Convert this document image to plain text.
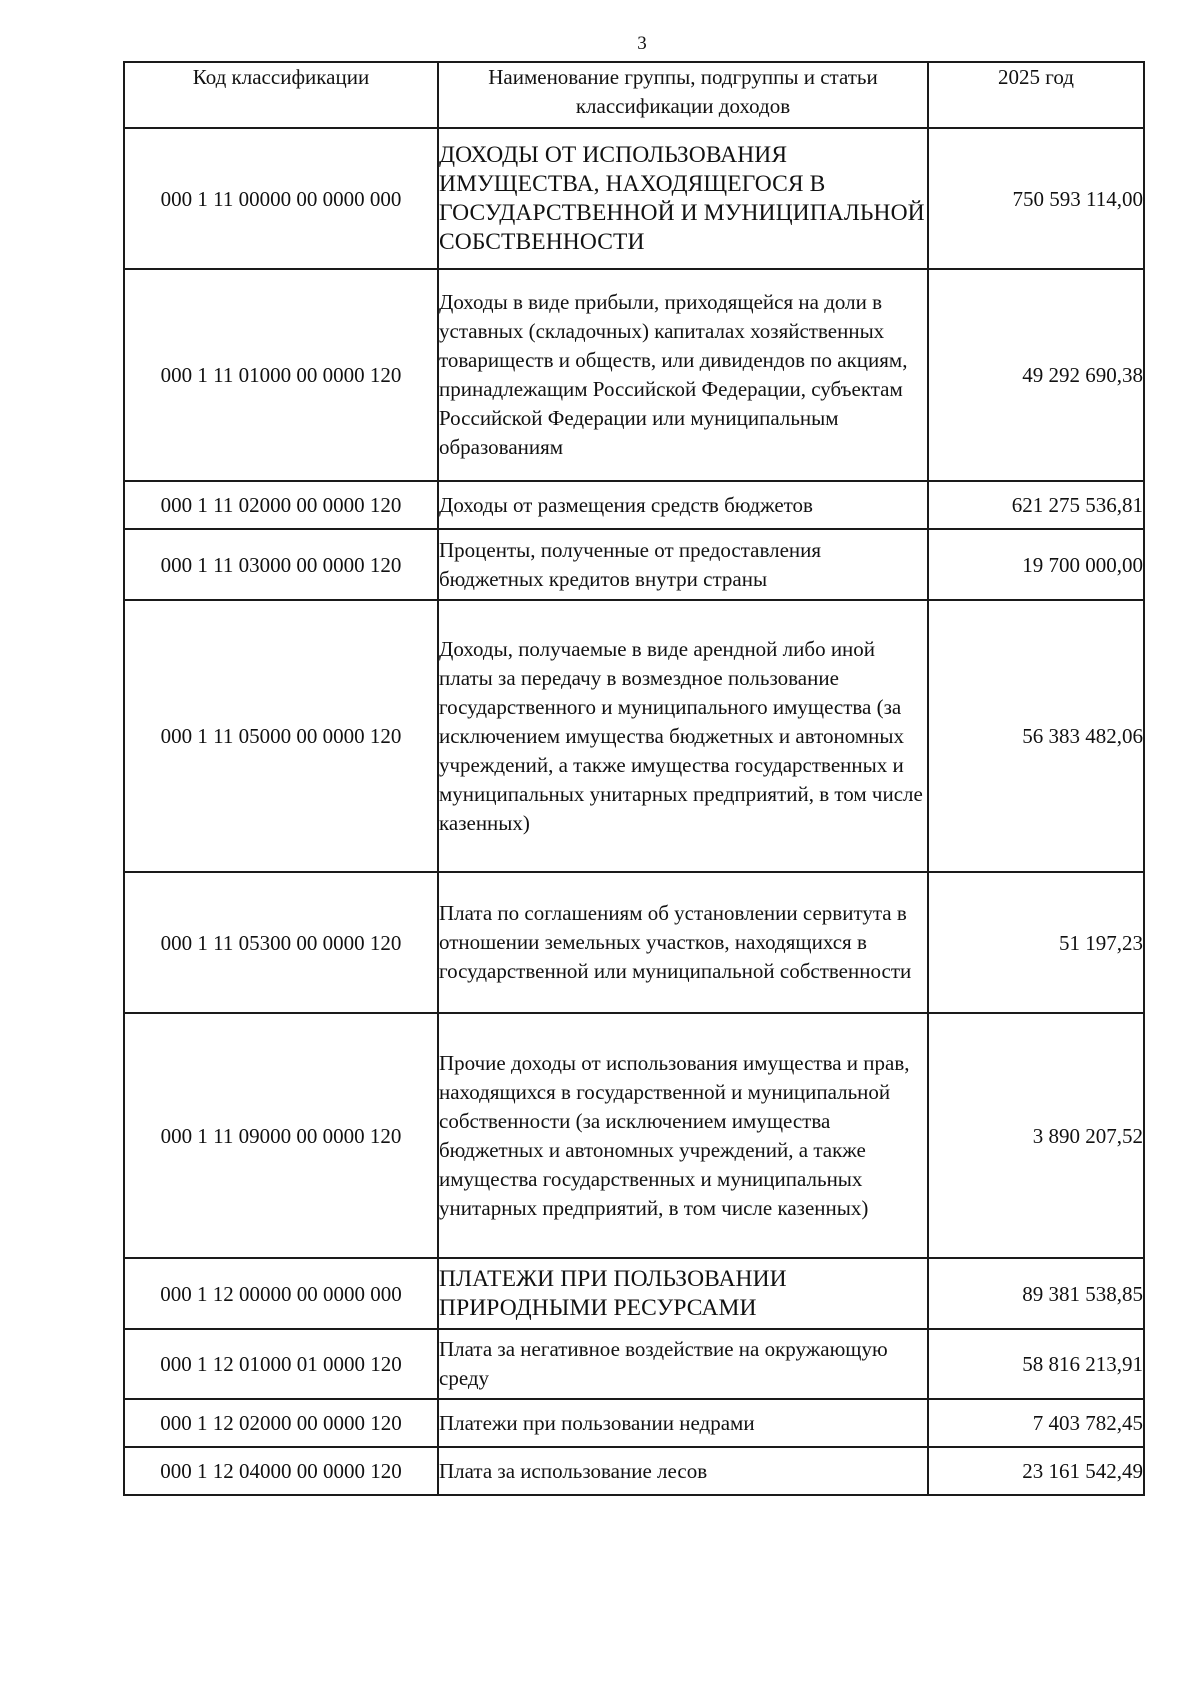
3
Код классификации	Наименование группы, подгруппы и статьи классификации доходов	2025 год
000 1 11 00000 00 0000 000	ДОХОДЫ ОТ ИСПОЛЬЗОВАНИЯ ИМУЩЕСТВА, НАХОДЯЩЕГОСЯ В ГОСУДАРСТВЕННОЙ И МУНИЦИПАЛЬНОЙ СОБСТВЕННОСТИ	750 593 114,00
000 1 11 01000 00 0000 120	Доходы в виде прибыли, приходящейся на доли в уставных (складочных) капиталах хозяйственных товариществ и обществ, или дивидендов по акциям, принадлежащим Российской Федерации, субъектам Российской Федерации или муниципальным образованиям	49 292 690,38
000 1 11 02000 00 0000 120	Доходы от размещения средств бюджетов	621 275 536,81
000 1 11 03000 00 0000 120	Проценты, полученные от предоставления бюджетных кредитов внутри страны	19 700 000,00
000 1 11 05000 00 0000 120	Доходы, получаемые в виде арендной либо иной платы за передачу в возмездное пользование государственного и муниципального имущества (за исключением имущества бюджетных и автономных учреждений, а также имущества государственных и муниципальных унитарных предприятий, в том числе казенных)	56 383 482,06
000 1 11 05300 00 0000 120	Плата по соглашениям об установлении сервитута в отношении земельных участков, находящихся в государственной или муниципальной собственности	51 197,23
000 1 11 09000 00 0000 120	Прочие доходы от использования имущества и прав, находящихся в государственной и муниципальной собственности (за исключением имущества бюджетных и автономных учреждений, а также имущества государственных и муниципальных унитарных предприятий, в том числе казенных)	3 890 207,52
000 1 12 00000 00 0000 000	ПЛАТЕЖИ ПРИ ПОЛЬЗОВАНИИ ПРИРОДНЫМИ РЕСУРСАМИ	89 381 538,85
000 1 12 01000 01 0000 120	Плата за негативное воздействие на окружающую среду	58 816 213,91
000 1 12 02000 00 0000 120	Платежи при пользовании недрами	7 403 782,45
000 1 12 04000 00 0000 120	Плата за использование лесов	23 161 542,49
